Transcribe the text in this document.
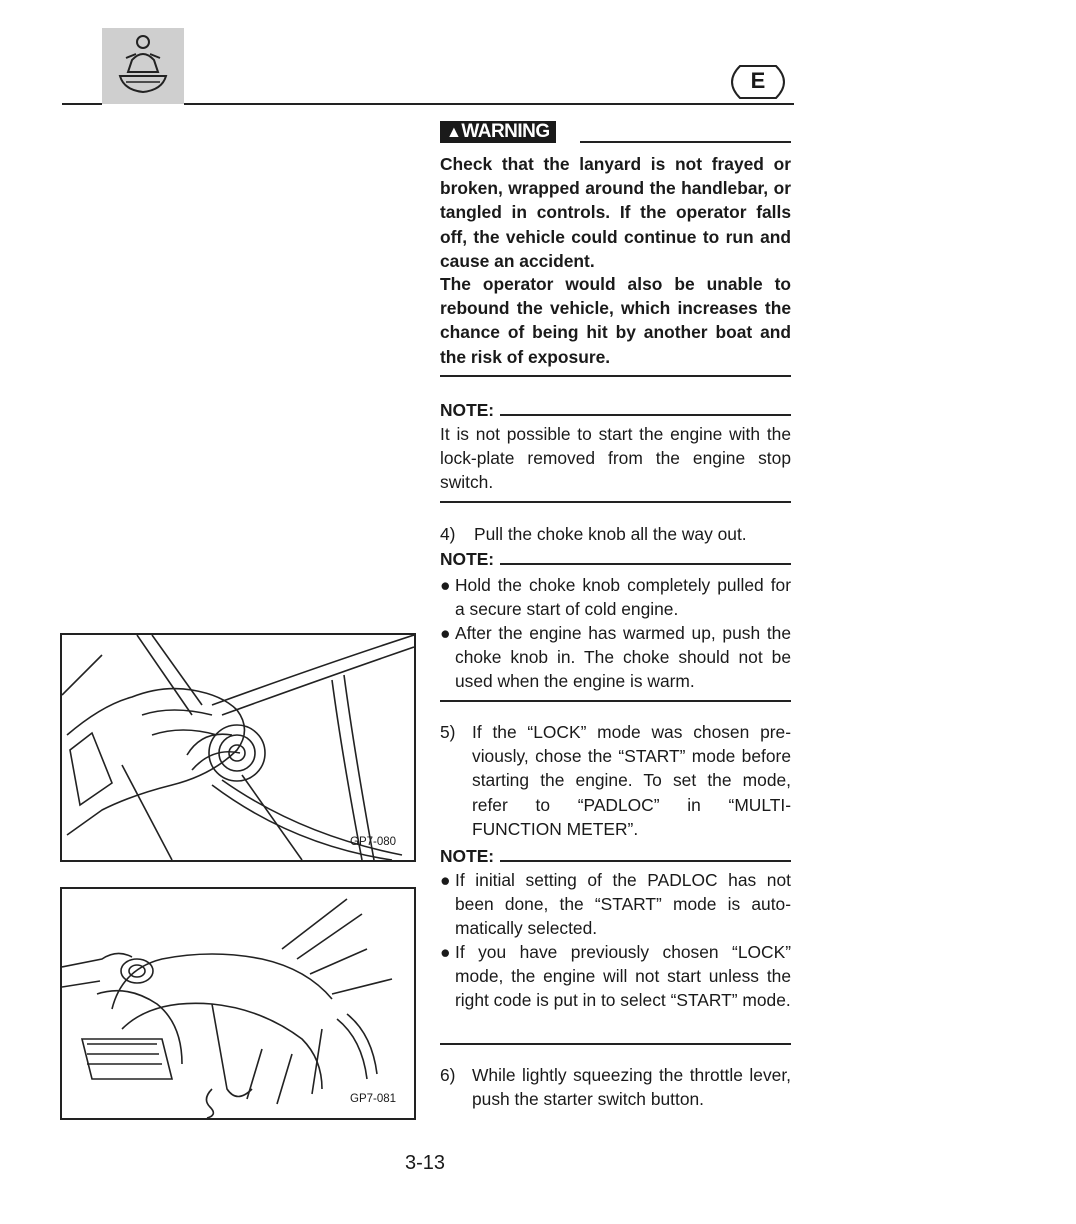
E
▲WARNING

Check that the lanyard is not frayed or broken, wrapped around the handlebar, or tangled in controls. If the operator falls off, the vehicle could continue to run and cause an accident.

The operator would also be unable to rebound the vehicle, which increases the chance of being hit by another boat and the risk of exposure.

NOTE:

It is not possible to start the engine with the lock-plate removed from the engine stop switch.

4) Pull the choke knob all the way out.

NOTE:

● Hold the choke knob completely pulled for a secure start of cold engine.
● After the engine has warmed up, push the choke knob in. The choke should not be used when the engine is warm.
5) If the “LOCK” mode was chosen pre- viously, chose the “START” mode before starting the engine. To set the mode, refer to “PADLOC” in “MULTI- FUNCTION METER”.

NOTE:

● If initial setting of the PADLOC has not been done, the “START” mode is auto- matically selected.
● If you have previously chosen “LOCK” mode, the engine will not start unless the right code is put in to select “START” mode.
6) While lightly squeezing the throttle lever, push the starter switch button.
GP7-080
GP7-081
3-13
